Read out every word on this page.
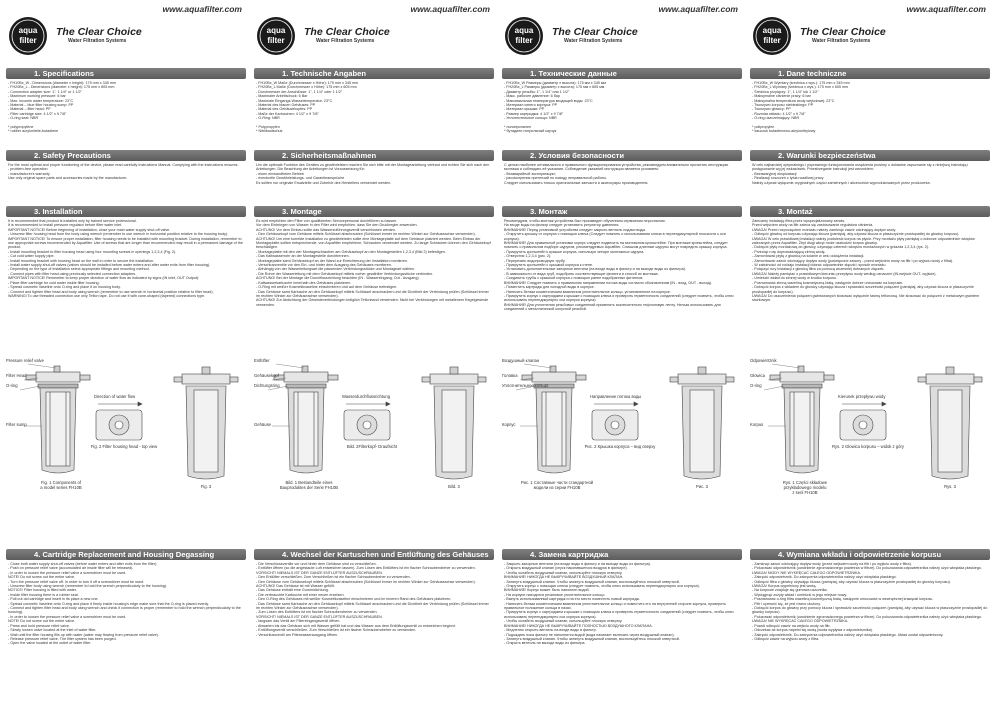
www.aquafilter.com
aqua
filter
The Clear Choice
Water Filtration Systems
1. Specifications
- FH10Bx_W - Dimensions (diameter x height): 175 mm x 345 mm
- FH20Bx_L - Dimensions (diameter x height): 175 mm x 605 mm
- Connection adapter size: 1", 1 1/4" or 1 1/2"
- Maximum working pressure: 6 bar
- Max. incomin water temperature: 23°C
- Material – blue filter housing sump: PP
- Material – filter head: PP
- Filter cartridge size: 4 1/2" x 9 7/8"
- O-ring seal: NBR

* polypropylene
* rubber acrylonitrile-butadiene
2. Safety Precautions
For the most optimal and proper functioning of the device, please read carefully Instructions Manual. Complying with the instructions ensures:
- problem-free operation
- manufacturer's warranty
Use only original spare parts and accessories made by the manufacturer.
3. Installation
It is recommended that product is installed only by trained service professional.
It is recommended to install pressure regulator before filter water inlet.
IMPORTANT NOTICE! Before beginning of installation, close your main water supply shut-off valve.
- Unscrew filter housing head from the body using wrench (remember to use wrench in horizontal position relative to the housing body).
IMPORTANT NOTICE! To ensure proper installation, filter housing needs to be installed with mounting bracket. During installation, remember to use appropriate screws recommended by Aquafilter. Use of screws that are longer than recommended may result in a permanent damage of the product.
- Install mounting bracket to filter housing head using four mounting screws in openings 1,2,3,4 (Fig. 2).
- Cut cold water supply pipe.
- Install mounting bracket with housing head on the wall in order to secure the installation.
- Install water supply shut-off valves (valves should be installed before water enters and after water exits from filter housing).
- Depending on the type of installation select appropriate fittings and mounting method.
- Connect pipes with filter head using previously selected connection adapters.
IMPORTANT NOTICE! Remember to keep proper direction of water flow as indicated by signs (IN inlet, OUT Output):
- Place filter cartridge for cold water inside filter housing.
- Spread cosmetic Vaseline onto O-ring and place it on housing body.
- Connect and tighten filter head and body using wrench (remember to use wrench in horizontal position relative to filter head).
WARNING! To use threaded connection use only Teflon tape. Do not use it with cone-shaped (tapered) connections type.
Pressure relief valve
Filter Head
O-ring
Filter sump
Direction of water flow
Fig. 2 Filter housing head - top view
Fig. 1 Components of
a model series FH10B	Fig. 3
4. Cartridge Replacement and Housing Degassing
- Close both water supply shut-off valves (before water enters and after exits from the filter).
- Push on pressure relief valve (accumulated air inside filter will be released).
- In order to loosen the pressure relief valve a screwdriver must be used.
NOTE! Do not screw out the entire valve.
- Turn the pressure relief valve off. In order to turn it off a screwdriver must be used.
- Unscrew filter body using wrench (remember to hold the wrench perpendicularly to the housing).
NOTICE! Filter housing is filled with water.
- Inside filter housing there is a rubber seal.
- Pull out old cartridge and insert in its place a new one.
- Spread cosmetic Vaseline onto O-ring and place it firmly inside housing's edge make sure that the O-ring is placed evenly.
- Connect and tighten filter head and body using wrench and check if connection is proper (remember to hold the wrench perpendicularly to the housing).
- In order to loosen the pressure relief valve a screwdriver must be used.
NOTE! Do not screw out the entire valve.
- Press and hold pressure relief valve.
- Slowly loosen valve located at the inlet of water filter.
- Wait until the filter housing fills up with water (water may flowing from pressure relief valve).
- Release pressure relief valve. The filter system has been purged.
- Open the valve located at the outlet of water filter.
www.aquafilter.com
aqua
filter
The Clear Choice
Water Filtration Systems
1. Technische Angaben
- FH10Bx_W Maße (Durchmesser x Höhe): 175 mm x 345 mm
- FH20Bx_L Maße (Durchmesser x Höhe): 175 mm x 605 mm
- Durchmesser der Anschlüsse: 1", 1 1/4" oder 1 1/2"
- Maximaler Arbeitsdruck: 6 Bar
- Maximale Eingangs-Wassertemperatur: 23°C
- Material des blauen Gehäuses: PP
- Material des Gehäusekopfes: PP
- Maße der Kartuschen: 4 1/2" x 9 7/8"
- O-Ring: NBR

* Polypropylen
* Nitrilkautschuk
2. Sicherheitsmaßnahmen
Um die optimale Funktion des Gerätes zu gewährleisten machen Sie sich bitte mit der Montageanleitung vertraut und richten Sie sich nach den Anleitungen. Die Beachtung der Anleitungen ist Voraussetzung für:
- einen einwandfreien Betrieb
- eventuelle Gewährleistungs- und Garantieansprüche
Es sollten nur originale Ersatzteile und Zubehör des Herstellers verwendet werden.
3. Montage
Es wird empfohlen den Filter von qualifizierten Servicepersonal durchführen zu lassen.
Vor dem Einbringen von Wasser in den Filter wird empfohlen, dass Sie den Druckregler anwenden.
ACHTUNG! Vor dem Einbau sollte das Wasserzuführungsventil verschlossen werden.
- Den Gehäusekopf vom Gehäuse mittels Schlüssel abschrauben (Schlüssel immer im rechten Winkel zur Gehäuseachse verwenden).
ACHTUNG! Um eine korrekte Installation zu gewährleisten sollte eine Montageplatte auf dem Gehäuse platziert werden. Beim Einbau der Montageplatte sollten entsprechende, von Aquafilter empfohlene, Schrauben verwendet werden. Zu lange Schrauben können den Gehäusekopf beschädigen.
- Montageplatte mit den vier Montageschrauben am Gehäusekopf an den Montagestellen 1,2,3,4 (Bild 2) befestigen.
- Das Kaltwasserrohr an der Montagestelle durchtrennen.
- Montageplatte samt Gehäusekopf an der Wand zur Erleichterung der Installation montieren.
- Verschlussventile vor den Ein- und hinter dem Ausgang des Gehäuses montieren.
- Abhängig von der Wasserleitungsart die passenden Verbindungsstücke und Montageart wählen.
- Die Rohre der Wasserleitung mit dem Gehäusekopf mittels vorher gewählter Verbindungsstücke verbinden.
ACHTUNG! Bei der Montage die Durchflussrichtung beachten (IN - Wassereingang, Out - Ausgang).
- Kaltwasserkartusche innerhalb des Gehäuses platzieren.
- O-Ring mit weißer Kosmetikvaseline einschmieren und auf dem Gehäuse befestigen.
- Das Gehäuse samt Kartusche an den Gehäusekopf mittels Schlüssel anschrauben und die Dichtheit der Verbindung prüfen (Schlüssel immer im rechten Winkel zur Gehäuseachse verwenden).
ACHTUNG! Zur Abdichtung der Gewindeverbindungen lediglich Teflonband verwenden. Nicht bei Verbindungen mit metallenem Kegelgewinde verwenden.
Entlüfter
Gehäusekopf
Dichtungsring
Gehäuse
Wasserdurchflussrichtung
Bild. 2Filterkopf- Draufsicht
Bild. 1 Bestandteile eines
Bauproduktes der Serie FH10B	Bild. 3
4. Wechsel der Kartuschen und Entlüftung des Gehäuses
- Die Verschlussventile vor und hinter dem Gehäuse sind zu verschließen.
- Entlüfter öffnen (so die angestaute Luft entweichen lassen). Zum Lösen des Entlüfters ist ein flacher Schraubendreher zu verwenden. VORSICHT! NIEMALS IST DER GANZE ENTLÜFTER AUSZUSCHRAUBEN.
- Den Entlüfter verschließen. Zum Verschließen ist ein flacher Schraubendreher zu verwenden.
- Den Gehäuse vom Gehäusekopf mittels Schlüssel abschrauben (Schlüssel immer im rechten Winkel zur Gehäuseachse verwenden).
ACHTUNG! Das Gehäuse ist mit Wasser gefüllt.
- Das Gehäuse enthält eine Gummidichtung.
- Die verbrauchte Kartusche mit einer neuen ersetzen.
- Den O-Ring des Gehäuses mit weißer Kosmetikvaseline einschmieren und im inneren Rand des Gehäuses platzieren.
- Das Gehäuse samt Kartusche an den Gehäusekopf mittels Schlüssel anschrauben und die Dichtheit der Verbindung prüfen (Schlüssel immer im rechten Winkel zur Gehäuseachse verwenden).
- Zum Lösen des Entlüfters ist ein flacher Schraubendreher zu verwenden.
VORSICHT! NIEMALS IST DER GANZE ENTLÜFTER AUSZUSCHRAUBEN.
- langsam das Ventil am Filtereingangsventil öffnen.
- Abwarten bis das Gehäuse sich mit Wasser gefüllt hat und das Wasser aus dem Entlüftungsventil zu entweichen beginnt.
- Entlüftungsventil verschließen. Zum Verschließen ist ein flacher Schraubendreher zu verwenden.
- Verschlussventil am Filterwasserausgang öffnen.
www.aquafilter.com
aqua
filter
The Clear Choice
Water Filtration Systems
1. Технические данные
- FH10Bx_W Размеры (диаметр x высота): 175 мм x 345 мм
- FH20Bx_L Размеры (диаметр x высота): 175 мм x 605 мм
- Диаметр резьбы: 1", 1 1/4" или 1 1/2"
- Макс. рабочее давление: 6 бар
- Максимальная температура входящей воды: 23°C
- Материал синего корпуса: PP
- Материал крышки: PP
- Размер картриджа: 4 1/2" x 9 7/8"
- Уплотнительное кольцо: NBR

* полипропилен
* бутадиен-нитрильный каучук
2. Условия безопасности
С целью наиболее оптимального и правильного функционирования устройства, рекомендуем внимательно прочитать инструкцию монтажа и соблюдать её указания. Соблюдение указаний инструкции является условием:
- безаварийной эксплуатации;
- рассмотрения претензий по поводу неправильной работы.
Следует использовать только оригинальные запчасти и аксессуары производителя.
3. Монтаж
Рекомендуем, чтобы монтаж устройства был произведен обученным сервисным персоналом.
На входе воды на фильтр следует установить регулятор давления.
ВНИМАНИЕ! Перед установкой устройства следует закрыть вентиль подачи воды.
- Открутить крышку от корпуса с помощью ключа (Следует помнить о использовании ключа в перпендикулярной плоскости к оси корпуса).
ВНИМАНИЕ! Для правильной установки корпус следует подвесить на монтажном кронштейне. При монтаже кронштейна, следует помнить о правильном подборе шурупов, рекомендуемых Aquafilter. Слишком длинные шурупы могут повредить крышку корпуса.
- Прикрутить кронштейн к крышке корпуса, используя четыре монтажных шурупа.
- Отверстия 1,2,3,4 (рис. 2).
- Перерезать водопроводную трубу.
- Прикрутить кронштейн с крышкой корпуса к стене.
- Установить дополнительные запорные вентили (на входе воды в фильтр и на выходе воды из фильтра).
- В зависимости от вида труб, подобрать соответствующие фитинги и способ их монтажа.
- Соединить трубы с крышкой корпуса с помощью ранее подобранных фитингов.
ВНИМАНИЕ! Следует помнить о правильном направлении потока воды согласно обозначениям (IN - вход, OUT - выход).
- Поместить картридж для холодной воды в корпусе.
- Нанесить белым косметическим вазелином уплотнительное кольцо, установленное на корпусе.
- Прикрутить корпус с картриджем к крышке с помощью ключа и проверить герметичность соединений (следует помнить, чтобы ключ использовать перпендикулярно оси корпуса корпуса).
ВНИМАНИЕ! Для уплотнения резьбовых соединений применять исключительно тефлоновую ленту. Нельзя использовать для соединений с металлической конусной резьбой.
Воздушный клапан
Головка
Уплотнительное кольцо
Корпус
Направление потока воды
Рис. 2 Крышка корпуса – вид сверху
Рис. 1 Составные части стандартной
модели из серии FH10B	Рис. 3
4. Замена картриджа
- Закрыть запорные вентили (на входе воды в фильтр и на выходе воды из фильтра).
- Открыть воздушный клапан (спуск накопившегося воздуха в фильтре).
- Чтобы ослабить воздушный клапан, используйте плоскую отвертку.
ВНИМАНИЕ! НИКОГДА НЕ ВЫКРУЧИВАЙТЕ ВОЗДУШНЫЙ КЛАПАН.
- Затянуть воздушный клапан. Чтобы затянуть воздушный клапан, воспользуйтесь плоской отверткой.
- Открутить корпус с помощью ключа (следует помнить, чтобы ключ использовать перпендикулярно оси корпуса).
ВНИМАНИЕ! Корпус может быть наполнен водой.
- На корпусе находится резиновое уплотнительное кольцо.
- Вынуть использованный картридж и на его место поместить новый картридж.
- Нанесить белым косметическим вазелином уплотнительное кольцо и поместить его на внутренней стороне корпуса, проверить правильное положение кольца в пазах.
- Прикрутить корпус с картриджем к крышке с помощью ключа и проверить герметичность соединений (следует помнить, чтобы ключ использовать перпендикулярно оси корпуса корпуса).
- Чтобы ослабить воздушный клапан, используйте плоскую отвертку.
ВНИМАНИЕ! НИКОГДА НЕ ВЫКРУЧИВАЙТЕ ПОЛНОСТЬЮ ВОЗДУШНОГО КЛАПАНА.
- Медленно открыть вентиль на входе воды в фильтр.
- Подождать пока фильтр не наполнится водой (вода начинает вытекать через воздушный клапан).
- Затянуть воздушный клапан. Чтобы затянуть воздушный клапан, воспользуйтесь плоской отверткой.
- Открыть вентиль на выходе воды из фильтра.
www.aquafilter.com
aqua
filter
The Clear Choice
Water Filtration Systems
1. Dane techniczne
- FH10Bx_W Wymiary (średnica x wys.): 175 mm x 345 mm
- FH20Bx_L Wymiary (średnica x wys.): 175 mm x 605 mm
- Średnica przyłączy: 1", 1 1/4" lub 1 1/2"
- Maksymalne ciśnienie pracy: 6 bar
- Maksymalna temperatura wody wejściowej: 23°C
- Tworzywo korpusu niebieskiego: PP
- Tworzywo głowicy: PP
- Rozmiar wkładu: 4 1/2" x 9 7/8"
- O-ring uszczelniający: NBR

* polipropylen
* kauczuk butadienowo-akrylonitrylowy
2. Warunki bezpieczeństwa
W celu najbardziej optymalnego i poprawnego funkcjonowania urządzenia prosimy o dokładne zapoznanie się z niniejszą instrukcją i postępowanie wg jej wskazówek. Przestrzeganie instrukcji jest warunkiem:
- Bezawaryjnej eksploatacji
- Realizacji roszczeń z tytułu wadliwej pracy
Należy używać wyłącznie oryginalnych części zamiennych i akcesoriów wyprodukowanych przez producenta.
3. Montaż
Zalecamy instalację filtra przez wyspecjalizowany serwis.
Przed wejściem wody na filtr zaleca się zastosowanie regulatora ciśnienia.
UWAGA! Przed rozpoczęciem montażu należy zamknąć zawór odcinający dopływ wody.
- Odkręcić głowicę od korpusu używając klucza (pamiętaj, aby używać klucza w płaszczyźnie prostopadłej do głowicy korpusu).
UWAGA! W celu prawidłowej instalacji należy podwiesić korpus na płycie. Przy montażu płyty pamiętaj o doborze odpowiednich wkrętów zalecanych przez Aquafilter. Zbyt długi wkręt może uszkodzić korpus głowicy.
- Dokręcić płytę montażową do głowicy, używając czterech wkrętów montażowych w gniazda 1,2,3,4 (rys. 2).
- Przeciąć rurę doprowadzającą zimną wodę.
- Zamontować płytę z głowicą na ścianie w celu odciążenia instalacji.
- Zamontować zawór odcinający dopływ wody (poświęcone zawory - przed wejściem wody na filtr i po wyjściu wody z filtra).
- W zależności od rodzaju instalacji dobrać odpowiednie złączki i sposób montażu.
- Połączyć rury instalacji z głowicą filtra za pomocą wcześniej dobranych złączek.
UWAGA! Należy pamiętać o prawidłowym kierunku przepływu wody według oznaczeń (IN-wejście OUT- wyjście).
- Umieścić wkład do zimnej wody w środku korpusu.
- Posmarować zimną wazeliną kosmetyczną białą, następnie dobrze umocować na korpusie.
- Dokręcić korpus z wkładem do głowicy używając klucza i sprawdzić szczelność połączeń (pamiętaj, aby używać klucza w płaszczyźnie prostopadłej do korpusu).
UWAGA! Do uszczelnienia połączeń gwintowanych stosować wyłącznie taśmę teflonową. Nie stosować do połączeń z metalowym gwintem stożkowym.
Odpowietrznik
Głowica
O-ring
Korpus
Kierunek przepływu wody
Rys. 2 Głowica korpusu – widok z góry
Rys. 1 Części składowe
przykładowego modelu
z serii FH10B
Rys. 3
4. Wymiana wkładu i odpowietrzenie korpusu
- Zamknąć zawór odcinający dopływ wody (przed wejściem wody na filtr i po wyjściu wody z filtra).
- Poluzować odpowietrznik (uwolnienie zgromadzonego powietrza w filtrze). Do poluzowania odpowietrznika należy użyć wkrętaka płaskiego.
UWAGA! NIGDY NIE WYKRĘCAĆ CAŁEGO ODPOWIETRZNIKA.
- Zakręcić odpowietrznik. Do zakręcenia odpowietrznika należy użyć wkrętaka płaskiego.
- Odkręcić filtra z głowicy używając klucza (pamiętaj, aby używać klucza w płaszczyźnie prostopadłej do głowicy korpusu).
UWAGA! Korpus wypełniony jest wodą.
- Na korpusie znajduje się gumowa uszczelka.
- Wyciągnąć zużyty wkład i umieścić w jego miejsce nowy.
- Posmarować o-ring filtra wazeliną kosmetyczną białą, następnie umocować w wewnętrznej krawędzi korpusu.
- Filtr i upewnić się, że jest równo ułożony.
- Dokręcić korpus do głowicy przy pomocy klucza i sprawdzić szczelność połączeń (pamiętaj, aby używać klucza w płaszczyźnie prostopadłej do głowicy korpusu).
- Poluzować odpowietrznik (uwolnienie zgromadzonego powietrza w filtrze). Do poluzowania odpowietrznika należy użyć wkrętaka płaskiego.
UWAGA! NIE WYKRĘCAĆ CAŁEGO ODPOWIETRZNIKA.
- Powoli odkręcić zawór na wejściu wody na filtr.
- Odczekać aż korpus napełni się wodą (woda wypływa z odpowietrznika).
- Zakręcić odpowietrznik. Do zakręcenia odpowietrznika należy użyć wkrętaka płaskiego. Układ został odpowietrzony.
- Odkręcić zawór na wyjściu wody z filtra.
